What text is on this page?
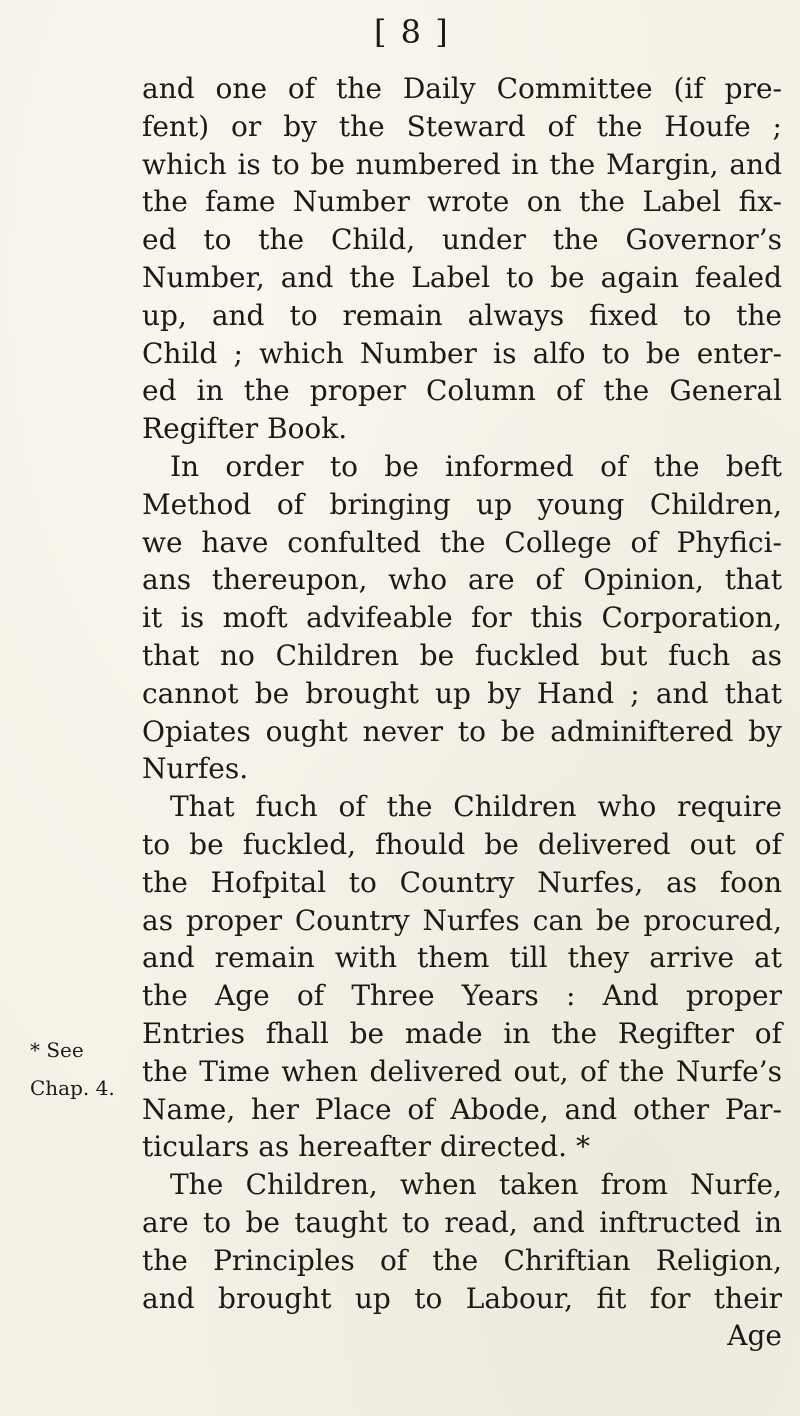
[ 8 ]
* See
Chap. 4.
and one of the Daily Committee (if pre-
fent) or by the Steward of the Houfe ;
which is to be numbered in the Margin, and
the fame Number wrote on the Label fix-
ed to the Child, under the Governor’s
Number, and the Label to be again fealed
up, and to remain always fixed to the
Child ; which Number is alfo to be enter-
ed in the proper Column of the General
Regifter Book.
In order to be informed of the beft
Method of bringing up young Children,
we have confulted the College of Phyfici-
ans thereupon, who are of Opinion, that
it is moft advifeable for this Corporation,
that no Children be fuckled but fuch as
cannot be brought up by Hand ; and that
Opiates ought never to be adminiftered by
Nurfes.
That fuch of the Children who require
to be fuckled, fhould be delivered out of
the Hofpital to Country Nurfes, as foon
as proper Country Nurfes can be procured,
and remain with them till they arrive at
the Age of Three Years : And proper
Entries fhall be made in the Regifter of
the Time when delivered out, of the Nurfe’s
Name, her Place of Abode, and other Par-
ticulars as hereafter directed. *
The Children, when taken from Nurfe,
are to be taught to read, and inftructed in
the Principles of the Chriftian Religion,
and brought up to Labour, fit for their
Age
